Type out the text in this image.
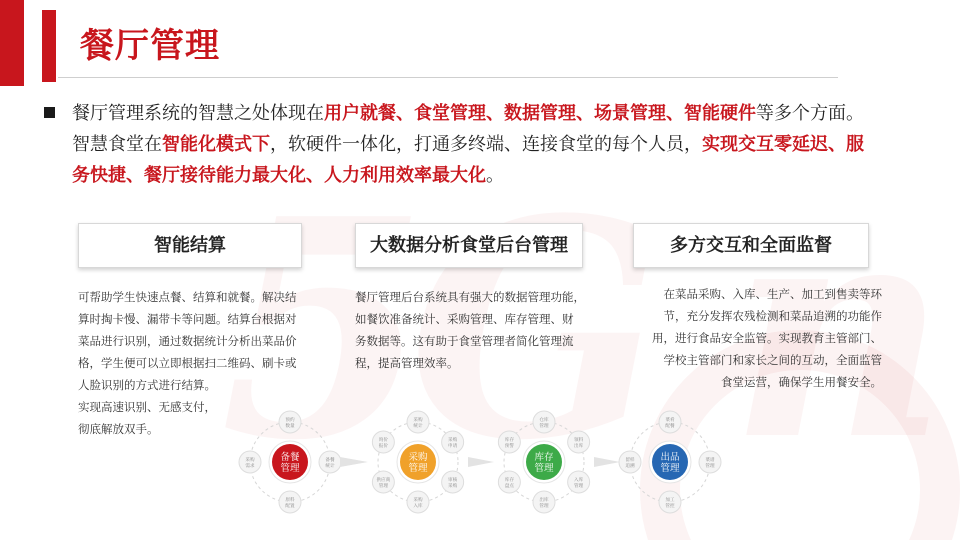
餐厅管理
餐厅管理系统的智慧之处体现在用户就餐、食堂管理、数据管理、场景管理、智能硬件等多个方面。
智慧食堂在智能化模式下，软硬件一体化，打通多终端、连接食堂的每个人员，实现交互零延迟、服
务快捷、餐厅接待能力最大化、人力利用效率最大化。
智能结算	大数据分析食堂后台管理	多方交互和全面监督
可帮助学生快速点餐、结算和就餐。解决结
算时掏卡慢、漏带卡等问题。结算台根据对
菜品进行识别，通过数据统计分析出菜品价
格，学生便可以立即根据扫二维码、刷卡或
人脸识别的方式进行结算。
实现高速识别、无感支付，
彻底解放双手。
餐厅管理后台系统具有强大的数据管理功能，
如餐饮准备统计、采购管理、库存管理、财
务数据等。这有助于食堂管理者简化管理流
程，提高管理效率。
在菜品采购、入库、生产、加工到售卖等环
节，充分发挥农残检测和菜品追溯的功能作
用，进行食品安全监管。实现教育主管部门、
学校主管部门和家长之间的互动，全面监管
食堂运营，确保学生用餐安全。
预约
数量
备餐
统计
原料
配置
采购
需求
备餐
管理
采购
统计
采购
申请
审核
采购
采购
入库
供应商
管理
询价
报价
采购
管理
仓库
管理
领料
出库
入库
管理
出库
管理
库存
盘点
库存
预警
库存
管理
菜肴
配餐
菜谱
管理
加工
管控
留样
追溯
出品
管理
